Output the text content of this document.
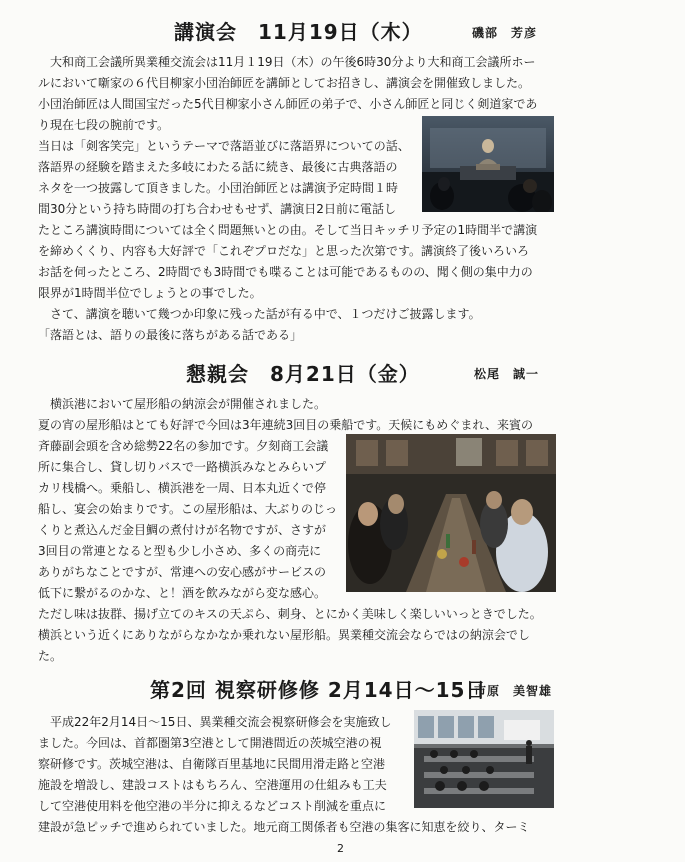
講演会　11月19日（木）	磯部　芳彦
　大和商工会議所異業種交流会は11月１19日（木）の午後6時30分より大和商工会議所ホー
ルにおいて噺家の６代目柳家小団治師匠を講師としてお招きし、講演会を開催致しました。
小団治師匠は人間国宝だった5代目柳家小さん師匠の弟子で、小さん師匠と同じく剣道家であ
り現在七段の腕前です。
当日は「剣客笑完」というテーマで落語並びに落語界についての話、
落語界の経験を踏まえた多岐にわたる話に続き、最後に古典落語の
ネタを一つ披露して頂きました。小団治師匠とは講演予定時間１時
間30分という持ち時間の打ち合わせもせず、講演日2日前に電話し
たところ講演時間については全く問題無いとの由。そして当日キッチリ予定の1時間半で講演
を締めくくり、内容も大好評で「これぞプロだな」と思った次第です。講演終了後いろいろ
お話を伺ったところ、2時間でも3時間でも喋ることは可能であるものの、聞く側の集中力の
限界が1時間半位でしょうとの事でした。
　さて、講演を聴いて幾つか印象に残った話が有る中で、１つだけご披露します。
「落語とは、語りの最後に落ちがある話である」
懇親会　8月21日（金）	松尾　誠一
　横浜港において屋形船の納涼会が開催されました。
夏の宵の屋形船はとても好評で今回は3年連続3回目の乗船です。天候にもめぐまれ、来賓の
斉藤副会頭を含め総勢22名の参加です。夕刻商工会議
所に集合し、貸し切りバスで一路横浜みなとみらいプ
カリ桟橋へ。乗船し、横浜港を一周、日本丸近くで停
船し、宴会の始まりです。この屋形船は、大ぶりのじっ
くりと煮込んだ金目鯛の煮付けが名物ですが、さすが
3回目の常連となると型も少し小さめ、多くの商売に
ありがちなことですが、常連への安心感がサービスの
低下に繋がるのかな、と！酒を飲みながら変な感心。
ただし味は抜群、揚げ立てのキスの天ぷら、刺身、とにかく美味しく楽しいいっときでした。
横浜という近くにありながらなかなか乗れない屋形船。異業種交流会ならではの納涼会でし
た。
第2回 視察研修修 2月14日～15日
市原　美智雄
　平成22年2月14日～15日、異業種交流会視察研修会を実施致し
ました。今回は、首都圏第3空港として開港間近の茨城空港の視
察研修です。茨城空港は、自衛隊百里基地に民間用滑走路と空港
施設を増設し、建設コストはもちろん、空港運用の仕組みも工夫
して空港使用料を他空港の半分に抑えるなどコスト削減を重点に
建設が急ピッチで進められていました。地元商工関係者も空港の集客に知恵を絞り、ターミ
2
